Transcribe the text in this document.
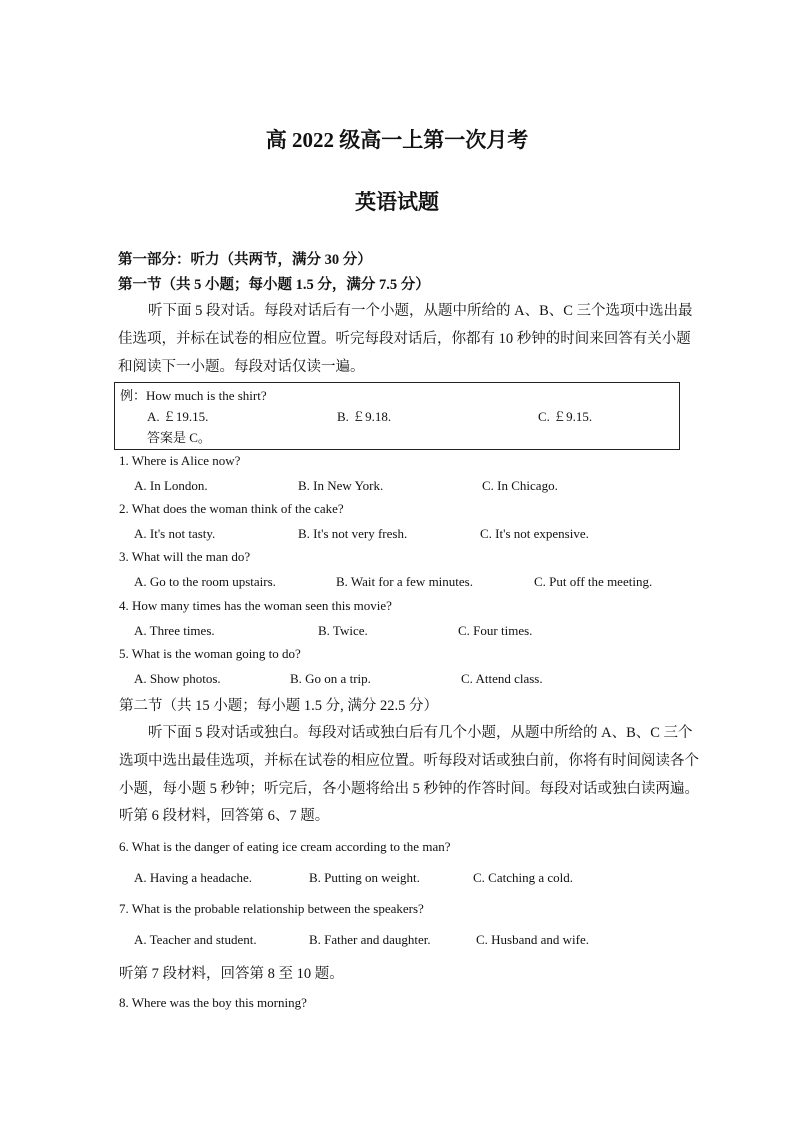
高 2022 级高一上第一次月考
英语试题
第一部分：听力（共两节，满分 30 分）
第一节（共 5 小题；每小题 1.5 分，满分 7.5 分）
听下面 5 段对话。每段对话后有一个小题，从题中所给的 A、B、C 三个选项中选出最
佳选项，并标在试卷的相应位置。听完每段对话后，你都有 10 秒钟的时间来回答有关小题
和阅读下一小题。每段对话仅读一遍。
例：How much is the shirt?
A. ￡19.15.	B. ￡9.18.	C. ￡9.15.
答案是 C。
1. Where is Alice now?
A. In London.	B. In New York.	C. In Chicago.
2. What does the woman think of the cake?
A. It's not tasty.	B. It's not very fresh.	C. It's not expensive.
3. What will the man do?
A. Go to the room upstairs.	B. Wait for a few minutes.	C. Put off the meeting.
4. How many times has the woman seen this movie?
A. Three times.	B. Twice.	C. Four times.
5. What is the woman going to do?
A. Show photos.	B. Go on a trip.	C. Attend class.
第二节（共 15 小题；每小题 1.5 分, 满分 22.5 分）
听下面 5 段对话或独白。每段对话或独白后有几个小题，从题中所给的 A、B、C 三个
选项中选出最佳选项，并标在试卷的相应位置。听每段对话或独白前，你将有时间阅读各个
小题，每小题 5 秒钟；听完后，各小题将给出 5 秒钟的作答时间。每段对话或独白读两遍。
听第 6 段材料，回答第 6、7 题。
6. What is the danger of eating ice cream according to the man?
A. Having a headache.	B. Putting on weight.	C. Catching a cold.
7. What is the probable relationship between the speakers?
A. Teacher and student.	B. Father and daughter.	C. Husband and wife.
听第 7 段材料，回答第 8 至 10 题。
8. Where was the boy this morning?
